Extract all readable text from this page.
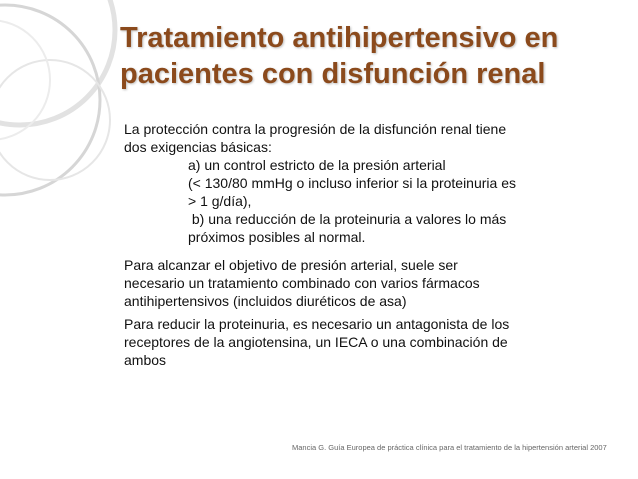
Tratamiento antihipertensivo en
pacientes con disfunción renal

La protección contra la progresión de la disfunción renal tiene

dos exigencias básicas:

a) un control estricto de la presión arterial

(< 130/80 mmHg o incluso inferior si la proteinuria es

> 1 g/día),

b) una reducción de la proteinuria a valores lo más

próximos posibles al normal.

Para alcanzar el objetivo de presión arterial, suele ser

necesario un tratamiento combinado con varios fármacos

antihipertensivos (incluidos diuréticos de asa)

Para reducir la proteinuria, es necesario un antagonista de los

receptores de la angiotensina, un IECA o una combinación de

ambos

Mancia G. Guía Europea de práctica clínica para el tratamiento de la hipertensión arterial 2007
